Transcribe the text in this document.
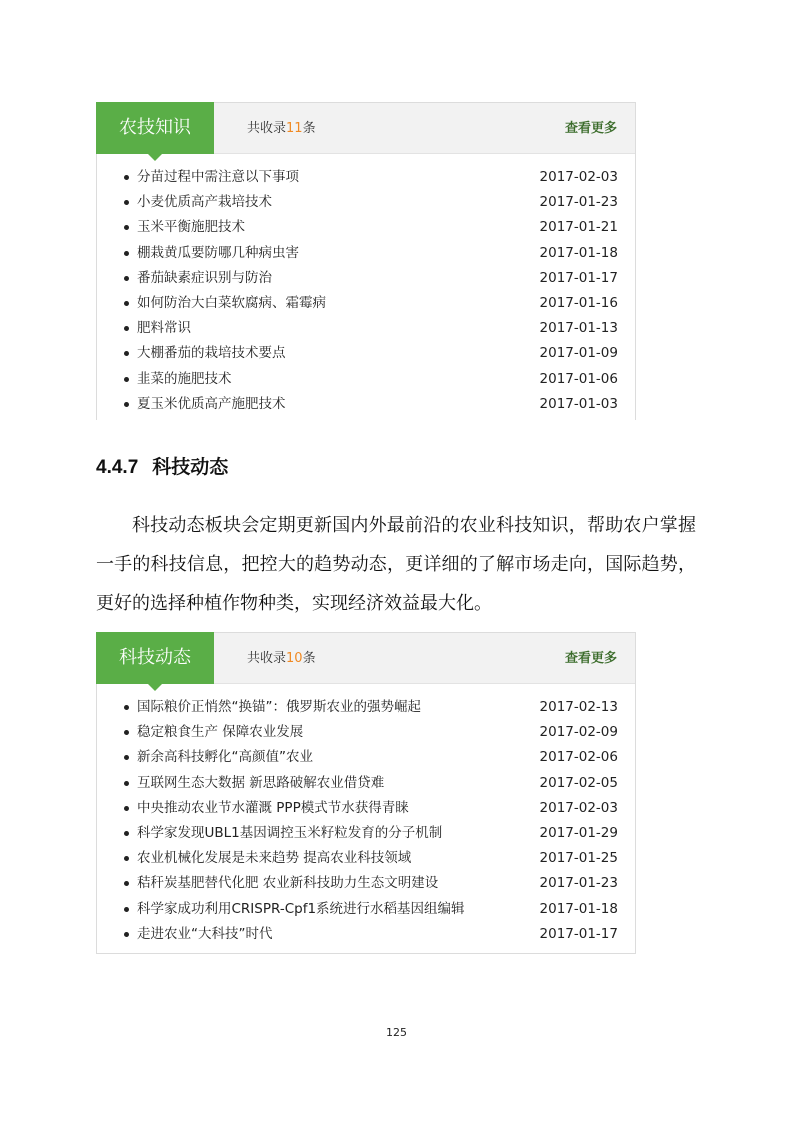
农技知识	共收录11条	查看更多
分苗过程中需注意以下事项	2017-02-03
小麦优质高产栽培技术	2017-01-23
玉米平衡施肥技术	2017-01-21
棚栽黄瓜要防哪几种病虫害	2017-01-18
番茄缺素症识别与防治	2017-01-17
如何防治大白菜软腐病、霜霉病	2017-01-16
肥料常识	2017-01-13
大棚番茄的栽培技术要点	2017-01-09
韭菜的施肥技术	2017-01-06
夏玉米优质高产施肥技术	2017-01-03
4.4.7 科技动态

科技动态板块会定期更新国内外最前沿的农业科技知识，帮助农户掌握一手的科技信息，把控大的趋势动态，更详细的了解市场走向，国际趋势，更好的选择种植作物种类，实现经济效益最大化。

科技动态	共收录10条	查看更多
国际粮价正悄然“换锚”：俄罗斯农业的强势崛起	2017-02-13
稳定粮食生产 保障农业发展	2017-02-09
新余高科技孵化“高颜值”农业	2017-02-06
互联网生态大数据 新思路破解农业借贷难	2017-02-05
中央推动农业节水灌溉 PPP模式节水获得青睐	2017-02-03
科学家发现UBL1基因调控玉米籽粒发育的分子机制	2017-01-29
农业机械化发展是未来趋势 提高农业科技领域	2017-01-25
秸秆炭基肥替代化肥 农业新科技助力生态文明建设	2017-01-23
科学家成功利用CRISPR-Cpf1系统进行水稻基因组编辑	2017-01-18
走进农业“大科技”时代	2017-01-17
125
